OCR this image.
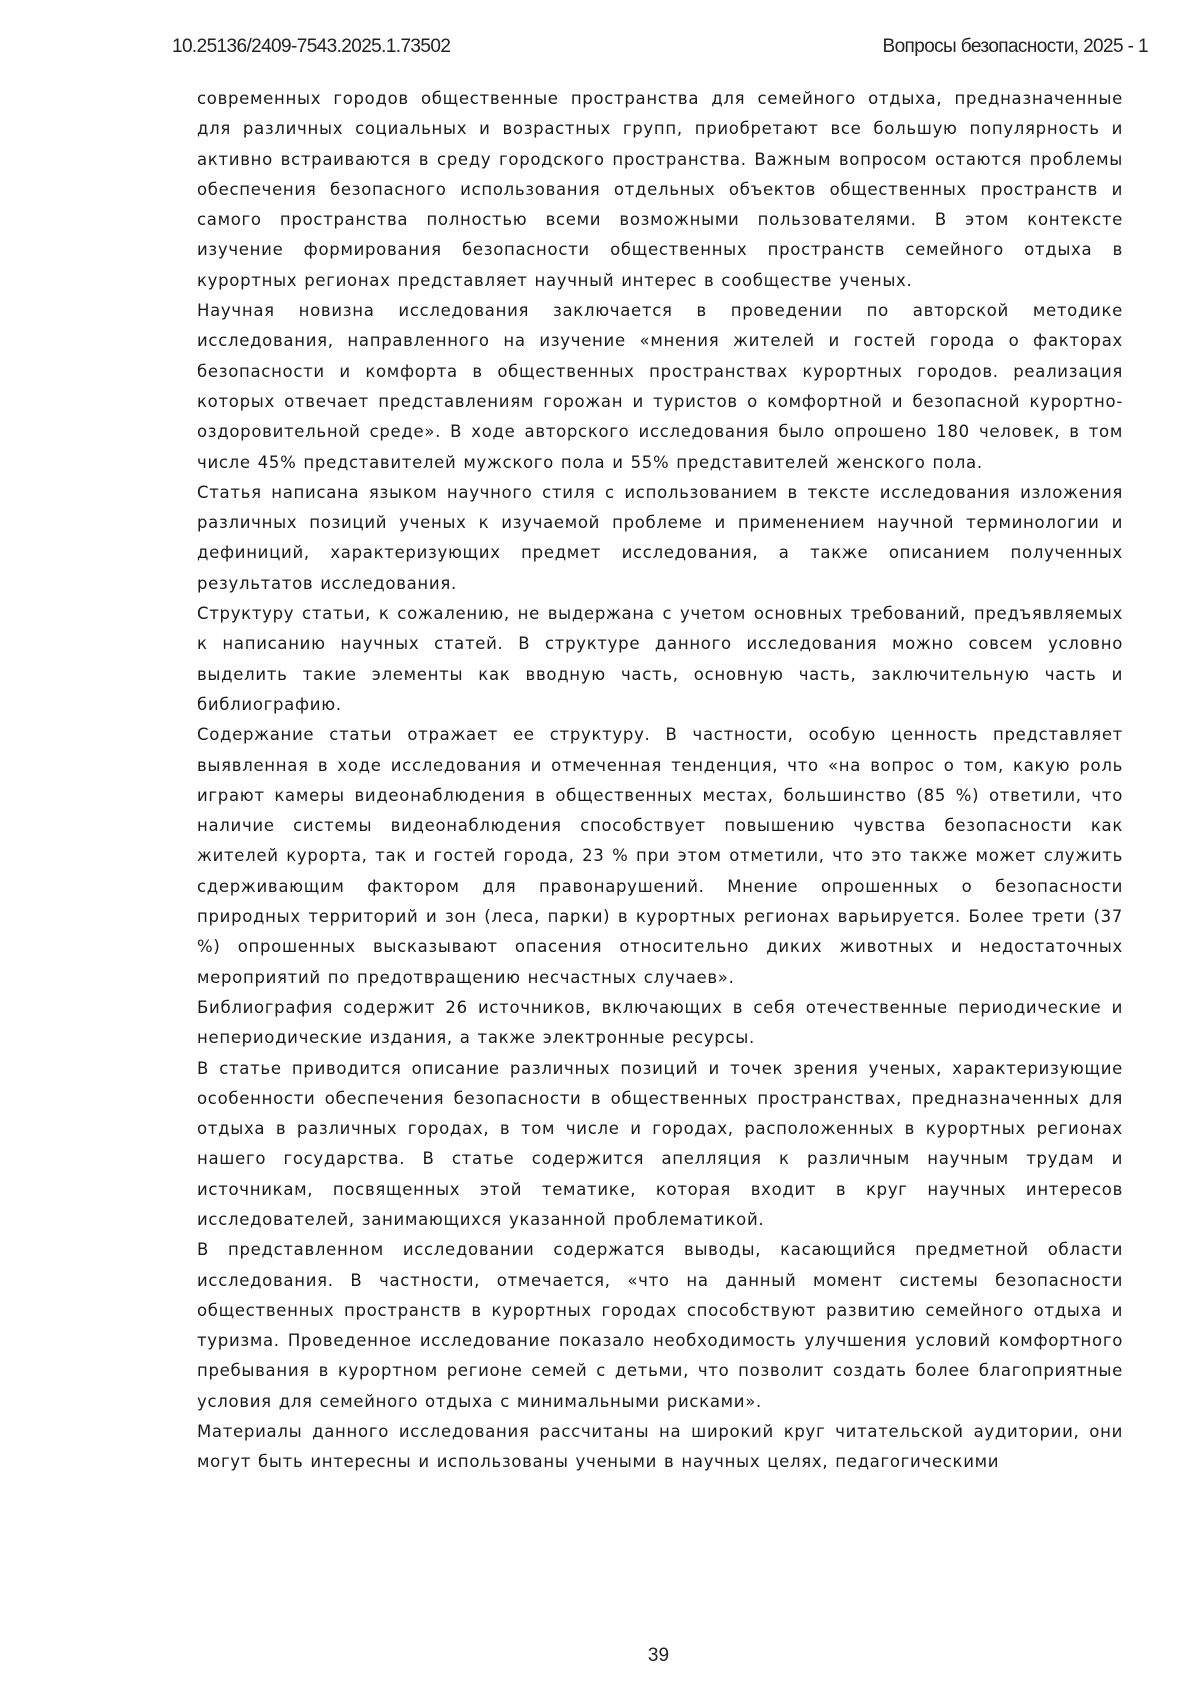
10.25136/2409-7543.2025.1.73502	Вопросы безопасности, 2025 - 1

современных городов общественные пространства для семейного отдыха, предназначенные для различных социальных и возрастных групп, приобретают все большую популярность и активно встраиваются в среду городского пространства. Важным вопросом остаются проблемы обеспечения безопасного использования отдельных объектов общественных пространств и самого пространства полностью всеми возможными пользователями. В этом контексте изучение формирования безопасности общественных пространств семейного отдыха в курортных регионах представляет научный интерес в сообществе ученых.

Научная новизна исследования заключается в проведении по авторской методике исследования, направленного на изучение «мнения жителей и гостей города о факторах безопасности и комфорта в общественных пространствах курортных городов. реализация которых отвечает представлениям горожан и туристов о комфортной и безопасной курортно-оздоровительной среде». В ходе авторского исследования было опрошено 180 человек, в том числе 45% представителей мужского пола и 55% представителей женского пола.

Статья написана языком научного стиля с использованием в тексте исследования изложения различных позиций ученых к изучаемой проблеме и применением научной терминологии и дефиниций, характеризующих предмет исследования, а также описанием полученных результатов исследования.

Структуру статьи, к сожалению, не выдержана с учетом основных требований, предъявляемых к написанию научных статей. В структуре данного исследования можно совсем условно выделить такие элементы как вводную часть, основную часть, заключительную часть и библиографию.

Содержание статьи отражает ее структуру. В частности, особую ценность представляет выявленная в ходе исследования и отмеченная тенденция, что «на вопрос о том, какую роль играют камеры видеонаблюдения в общественных местах, большинство (85 %) ответили, что наличие системы видеонаблюдения способствует повышению чувства безопасности как жителей курорта, так и гостей города, 23 % при этом отметили, что это также может служить сдерживающим фактором для правонарушений. Мнение опрошенных о безопасности природных территорий и зон (леса, парки) в курортных регионах варьируется. Более трети (37 %) опрошенных высказывают опасения относительно диких животных и недостаточных мероприятий по предотвращению несчастных случаев».

Библиография содержит 26 источников, включающих в себя отечественные периодические и непериодические издания, а также электронные ресурсы.

В статье приводится описание различных позиций и точек зрения ученых, характеризующие особенности обеспечения безопасности в общественных пространствах, предназначенных для отдыха в различных городах, в том числе и городах, расположенных в курортных регионах нашего государства. В статье содержится апелляция к различным научным трудам и источникам, посвященных этой тематике, которая входит в круг научных интересов исследователей, занимающихся указанной проблематикой.

В представленном исследовании содержатся выводы, касающийся предметной области исследования. В частности, отмечается, «что на данный момент системы безопасности общественных пространств в курортных городах способствуют развитию семейного отдыха и туризма. Проведенное исследование показало необходимость улучшения условий комфортного пребывания в курортном регионе семей с детьми, что позволит создать более благоприятные условия для семейного отдыха с минимальными рисками».

Материалы данного исследования рассчитаны на широкий круг читательской аудитории, они могут быть интересны и использованы учеными в научных целях, педагогическими

39
